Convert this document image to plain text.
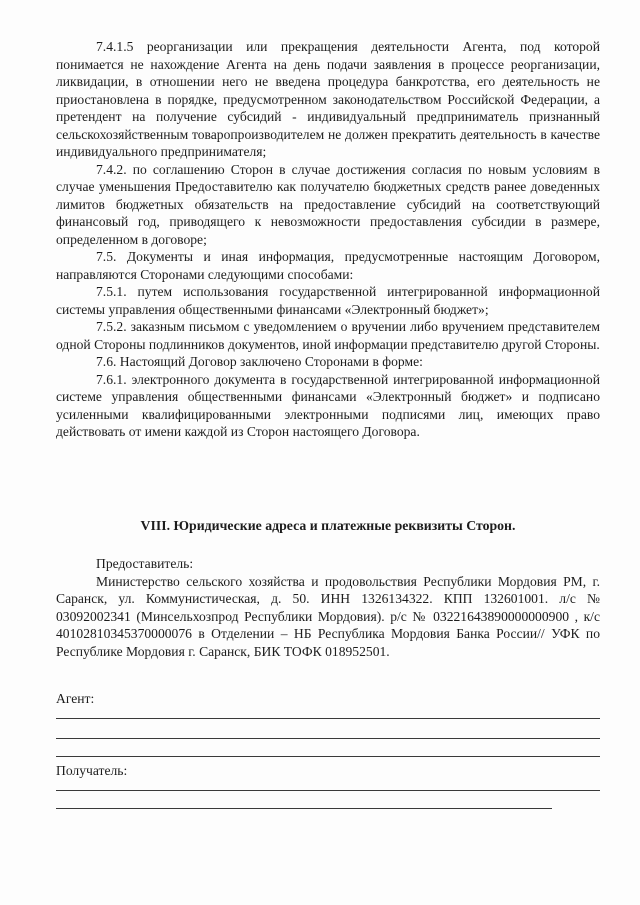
7.4.1.5 реорганизации или прекращения деятельности Агента, под которой понимается не нахождение Агента на день подачи заявления в процессе реорганизации, ликвидации, в отношении него не введена процедура банкротства, его деятельность не приостановлена в порядке, предусмотренном законодательством Российской Федерации, а претендент на получение субсидий - индивидуальный предприниматель признанный сельскохозяйственным товаропроизводителем не должен прекратить деятельность в качестве индивидуального предпринимателя;

7.4.2. по соглашению Сторон в случае достижения согласия по новым условиям в случае уменьшения Предоставителю как получателю бюджетных средств ранее доведенных лимитов бюджетных обязательств на предоставление субсидий на соответствующий финансовый год, приводящего к невозможности предоставления субсидии в размере, определенном в договоре;

7.5. Документы и иная информация, предусмотренные настоящим Договором, направляются Сторонами следующими способами:

7.5.1. путем использования государственной интегрированной информационной системы управления общественными финансами «Электронный бюджет»;

7.5.2. заказным письмом с уведомлением о вручении либо вручением представителем одной Стороны подлинников документов, иной информации представителю другой Стороны.

7.6. Настоящий Договор заключено Сторонами в форме:

7.6.1. электронного документа в государственной интегрированной информационной системе управления общественными финансами «Электронный бюджет» и подписано усиленными квалифицированными электронными подписями лиц, имеющих право действовать от имени каждой из Сторон настоящего Договора.

VIII. Юридические адреса и платежные реквизиты Сторон.

Предоставитель:

Министерство сельского хозяйства и продовольствия Республики Мордовия РМ, г. Саранск, ул. Коммунистическая, д. 50. ИНН 1326134322. КПП 132601001. л/с № 03092002341 (Минсельхозпрод Республики Мордовия). р/с № 03221643890000000900 , к/с 40102810345370000076 в Отделении – НБ Республика Мордовия Банка России// УФК по Республике Мордовия г. Саранск, БИК ТОФК 018952501.

Агент:

Получатель:
